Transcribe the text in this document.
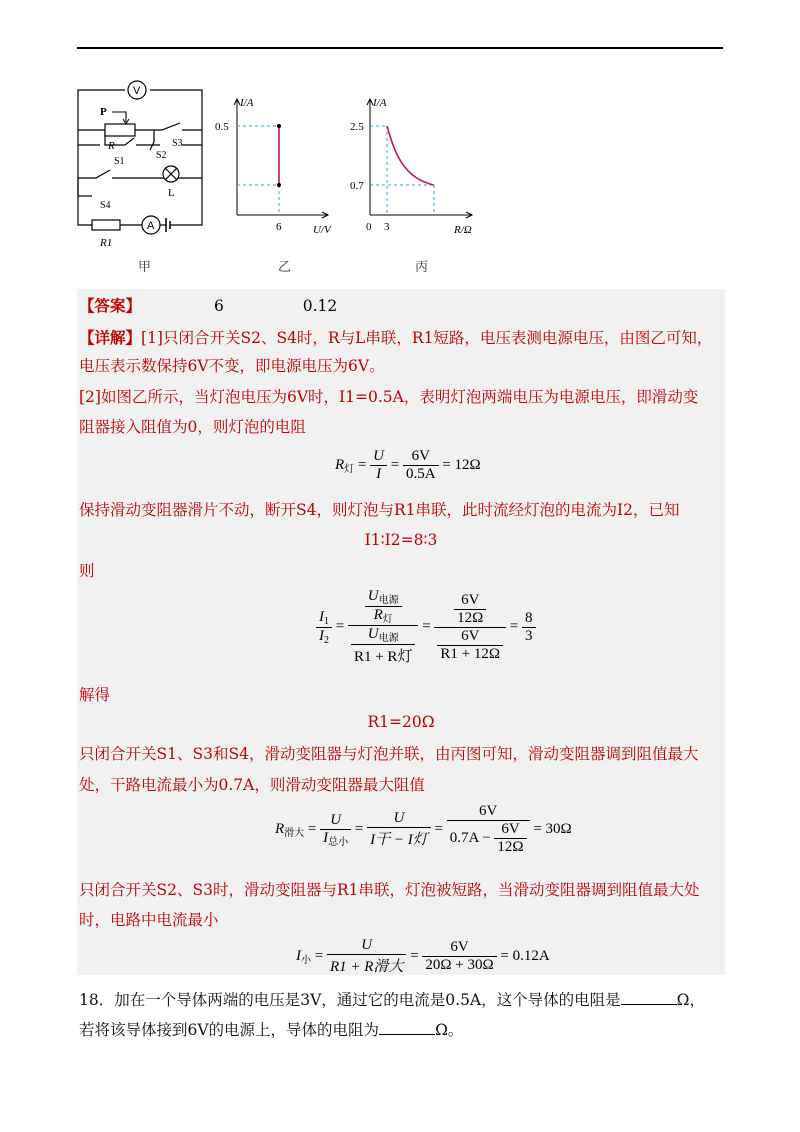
V
P
R	S3
S2
S1
L
S4
R1
A
I/A
0.5
6	U/V
I/A
2.5
0.7
0 3	R/Ω
甲	乙	丙
【答案】	6	0.12
【详解】[1]只闭合开关S2、S4时，R与L串联，R1短路，电压表测电源电压，由图乙可知，
电压表示数保持6V不变，即电源电压为6V。
[2]如图乙所示，当灯泡电压为6V时，I1=0.5A，表明灯泡两端电压为电源电压，即滑动变
阻器接入阻值为0，则灯泡的电阻
$R_灯 = \frac{U}{I} = \frac{6V}{0.5A} = 12\Omega$
保持滑动变阻器滑片不动，断开S4，则灯泡与R1串联，此时流经灯泡的电流为I2，已知
I1∶I2=8∶3
则
$\frac{I_1}{I_2} = \frac{\frac{U_{电源}}{R_灯}}{\frac{U_{电源}}{\text{R1 + R灯}}} = \frac{\frac{6V}{12\Omega}}{\frac{6V}{R1 + 12\Omega}} = \frac{8}{3}$
解得
R1=20Ω
只闭合开关S1、S3和S4，滑动变阻器与灯泡并联，由丙图可知，滑动变阻器调到阻值最大
处，干路电流最小为0.7A，则滑动变阻器最大阻值
$R_{滑大} = \frac{U}{I_{总小}} = \frac{U}{\text{I干 − I灯}} = \frac{6V}{0.7A - \frac{6V}{12\Omega}} = 30\Omega$
只闭合开关S2、S3时，滑动变阻器与R1串联，灯泡被短路，当滑动变阻器调到阻值最大处
时，电路中电流最小
$I_小 = \frac{U}{\text{R1 + R滑大}} = \frac{6V}{20\Omega + 30\Omega} = 0.12A$
18．加在一个导体两端的电压是3V，通过它的电流是0.5A，这个导体的电阻是	Ω，
若将该导体接到6V的电源上，导体的电阻为	Ω。
